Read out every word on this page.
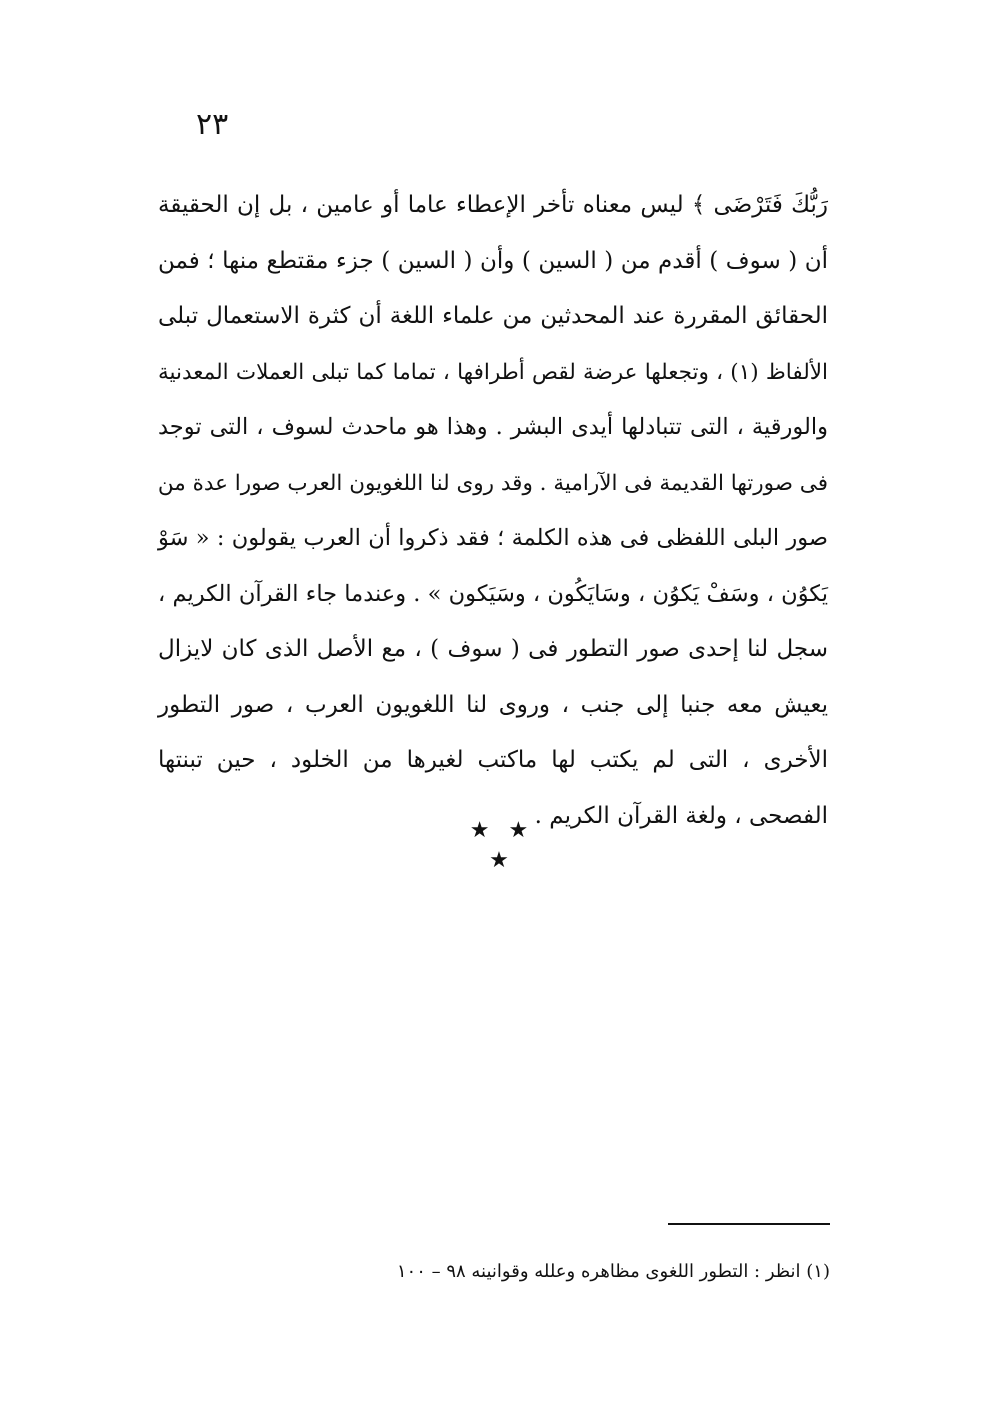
٢٣
رَبُّكَ فَتَرْضَى ﴾ ليس معناه تأخر الإعطاء عاما أو عامين ، بل إن الحقيقة
أن ( سوف ) أقدم من ( السين ) وأن ( السين ) جزء مقتطع منها ؛ فمن
الحقائق المقررة عند المحدثين من علماء اللغة أن كثرة الاستعمال تبلى
الألفاظ (١) ، وتجعلها عرضة لقص أطرافها ، تماما كما تبلى العملات المعدنية
والورقية ، التى تتبادلها أيدى البشر . وهذا هو ماحدث لسوف ، التى توجد
فى صورتها القديمة فى الآرامية . وقد روى لنا اللغويون العرب صورا عدة من
صور البلى اللفظى فى هذه الكلمة ؛ فقد ذكروا أن العرب يقولون : « سَوْ
يَكوُن ، وسَفْ يَكوُن ، وسَايَكُون ، وسَيَكون » . وعندما جاء القرآن الكريم ،
سجل لنا إحدى صور التطور فى ( سوف ) ، مع الأصل الذى كان لايزال
يعيش معه جنبا إلى جنب ، وروى لنا اللغويون العرب ، صور التطور
الأخرى ، التى لم يكتب لها ماكتب لغيرها من الخلود ، حين تبنتها
الفصحى ، ولغة القرآن الكريم .
★ ★ ★
(١) انظر : التطور اللغوى مظاهره وعلله وقوانينه ٩٨ – ١٠٠
